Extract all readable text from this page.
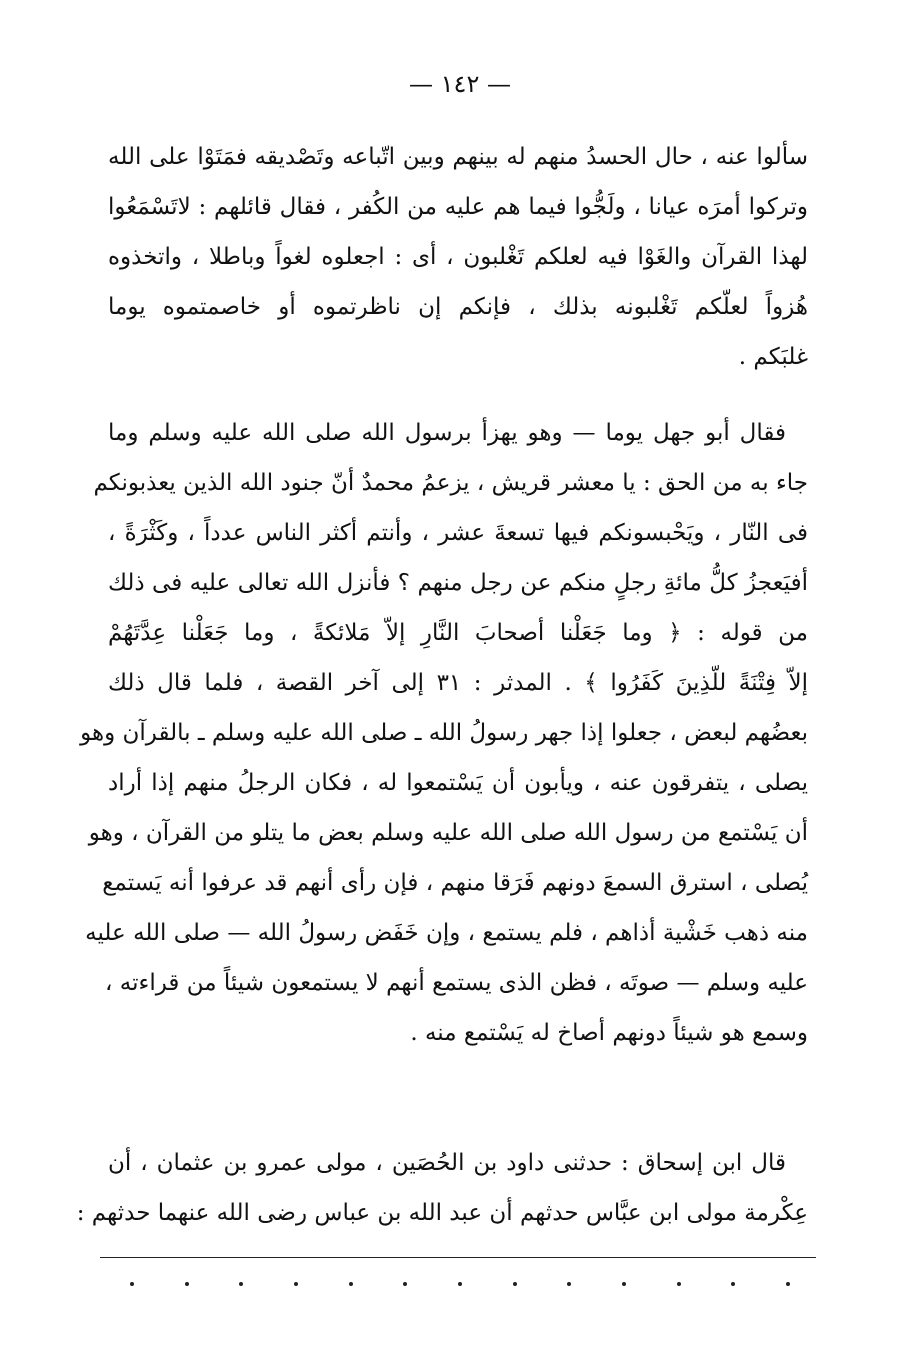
— ١٤٢ —
سألوا عنه ، حال الحسدُ منهم له بينهم وبين اتّباعه وتَصْديقه فمَتَوْا على الله
وتركوا أمرَه عيانا ، ولَجُّوا فيما هم عليه من الكُفر ، فقال قائلهم : لاتَسْمَعُوا
لهذا القرآن والغَوْا فيه لعلكم تَغْلبون ، أى : اجعلوه لغواً وباطلا ، واتخذوه
هُزواً لعلّكم تَغْلبونه بذلك ، فإنكم إن ناظرتموه أو خاصمتموه يوما
غلبَكم .
فقال أبو جهل يوما — وهو يهزأ برسول الله صلى الله عليه وسلم وما
جاء به من الحق : يا معشر قريش ، يزعمُ محمدٌ أنّ جنود الله الذين يعذبونكم
فى النّار ، ويَحْبسونكم فيها تسعةَ عشر ، وأنتم أكثر الناس عدداً ، وكَثْرَةً ،
أفيَعجزُ كلُّ مائةِ رجلٍ منكم عن رجل منهم ؟ فأنزل الله تعالى عليه فى ذلك
من قوله : ﴿ وما جَعَلْنا أصحابَ النَّارِ إلاّ مَلائكةً ، وما جَعَلْنا عِدَّتَهُمْ
إلاّ فِتْنَةً للّذِينَ كَفَرُوا ﴾ . المدثر : ٣١ إلى آخر القصة ، فلما قال ذلك
بعضُهم لبعض ، جعلوا إذا جهر رسولُ الله ـ صلى الله عليه وسلم ـ بالقرآن وهو
يصلى ، يتفرقون عنه ، ويأبون أن يَسْتمعوا له ، فكان الرجلُ منهم إذا أراد
أن يَسْتمع من رسول الله صلى الله عليه وسلم بعض ما يتلو من القرآن ، وهو
يُصلى ، استرق السمعَ دونهم فَرَقا منهم ، فإن رأى أنهم قد عرفوا أنه يَستمع
منه ذهب خَشْية أذاهم ، فلم يستمع ، وإن خَفَض رسولُ الله — صلى الله عليه
عليه وسلم — صوتَه ، فظن الذى يستمع أنهم لا يستمعون شيئاً من قراءته ،
وسمع هو شيئاً دونهم أصاخ له يَسْتمع منه .
قال ابن إسحاق : حدثنى داود بن الحُصَين ، مولى عمرو بن عثمان ، أن
عِكْرمة مولى ابن عبَّاس حدثهم أن عبد الله بن عباس رضى الله عنهما حدثهم :
